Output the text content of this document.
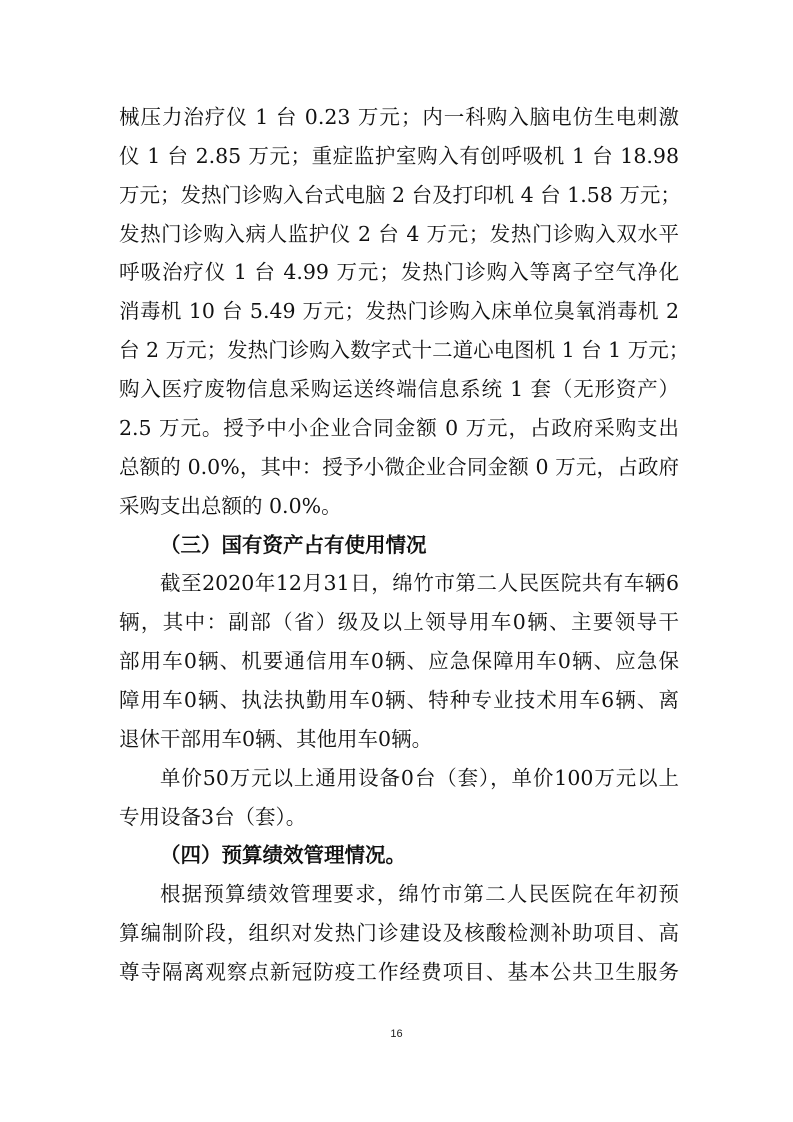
械压力治疗仪 1 台 0.23 万元；内一科购入脑电仿生电刺激
仪 1 台 2.85 万元；重症监护室购入有创呼吸机 1 台 18.98
万元；发热门诊购入台式电脑 2 台及打印机 4 台 1.58 万元；
发热门诊购入病人监护仪 2 台 4 万元；发热门诊购入双水平
呼吸治疗仪 1 台 4.99 万元；发热门诊购入等离子空气净化
消毒机 10 台 5.49 万元；发热门诊购入床单位臭氧消毒机 2
台 2 万元；发热门诊购入数字式十二道心电图机 1 台 1 万元；
购入医疗废物信息采购运送终端信息系统 1 套（无形资产）
2.5 万元。授予中小企业合同金额 0 万元，占政府采购支出
总额的 0.0%，其中：授予小微企业合同金额 0 万元，占政府
采购支出总额的 0.0%。
（三）国有资产占有使用情况
截至2020年12月31日，绵竹市第二人民医院共有车辆6
辆，其中：副部（省）级及以上领导用车0辆、主要领导干
部用车0辆、机要通信用车0辆、应急保障用车0辆、应急保
障用车0辆、执法执勤用车0辆、特种专业技术用车6辆、离
退休干部用车0辆、其他用车0辆。
单价50万元以上通用设备0台（套），单价100万元以上
专用设备3台（套）。
（四）预算绩效管理情况。
根据预算绩效管理要求，绵竹市第二人民医院在年初预
算编制阶段，组织对发热门诊建设及核酸检测补助项目、高
尊寺隔离观察点新冠防疫工作经费项目、基本公共卫生服务
16
